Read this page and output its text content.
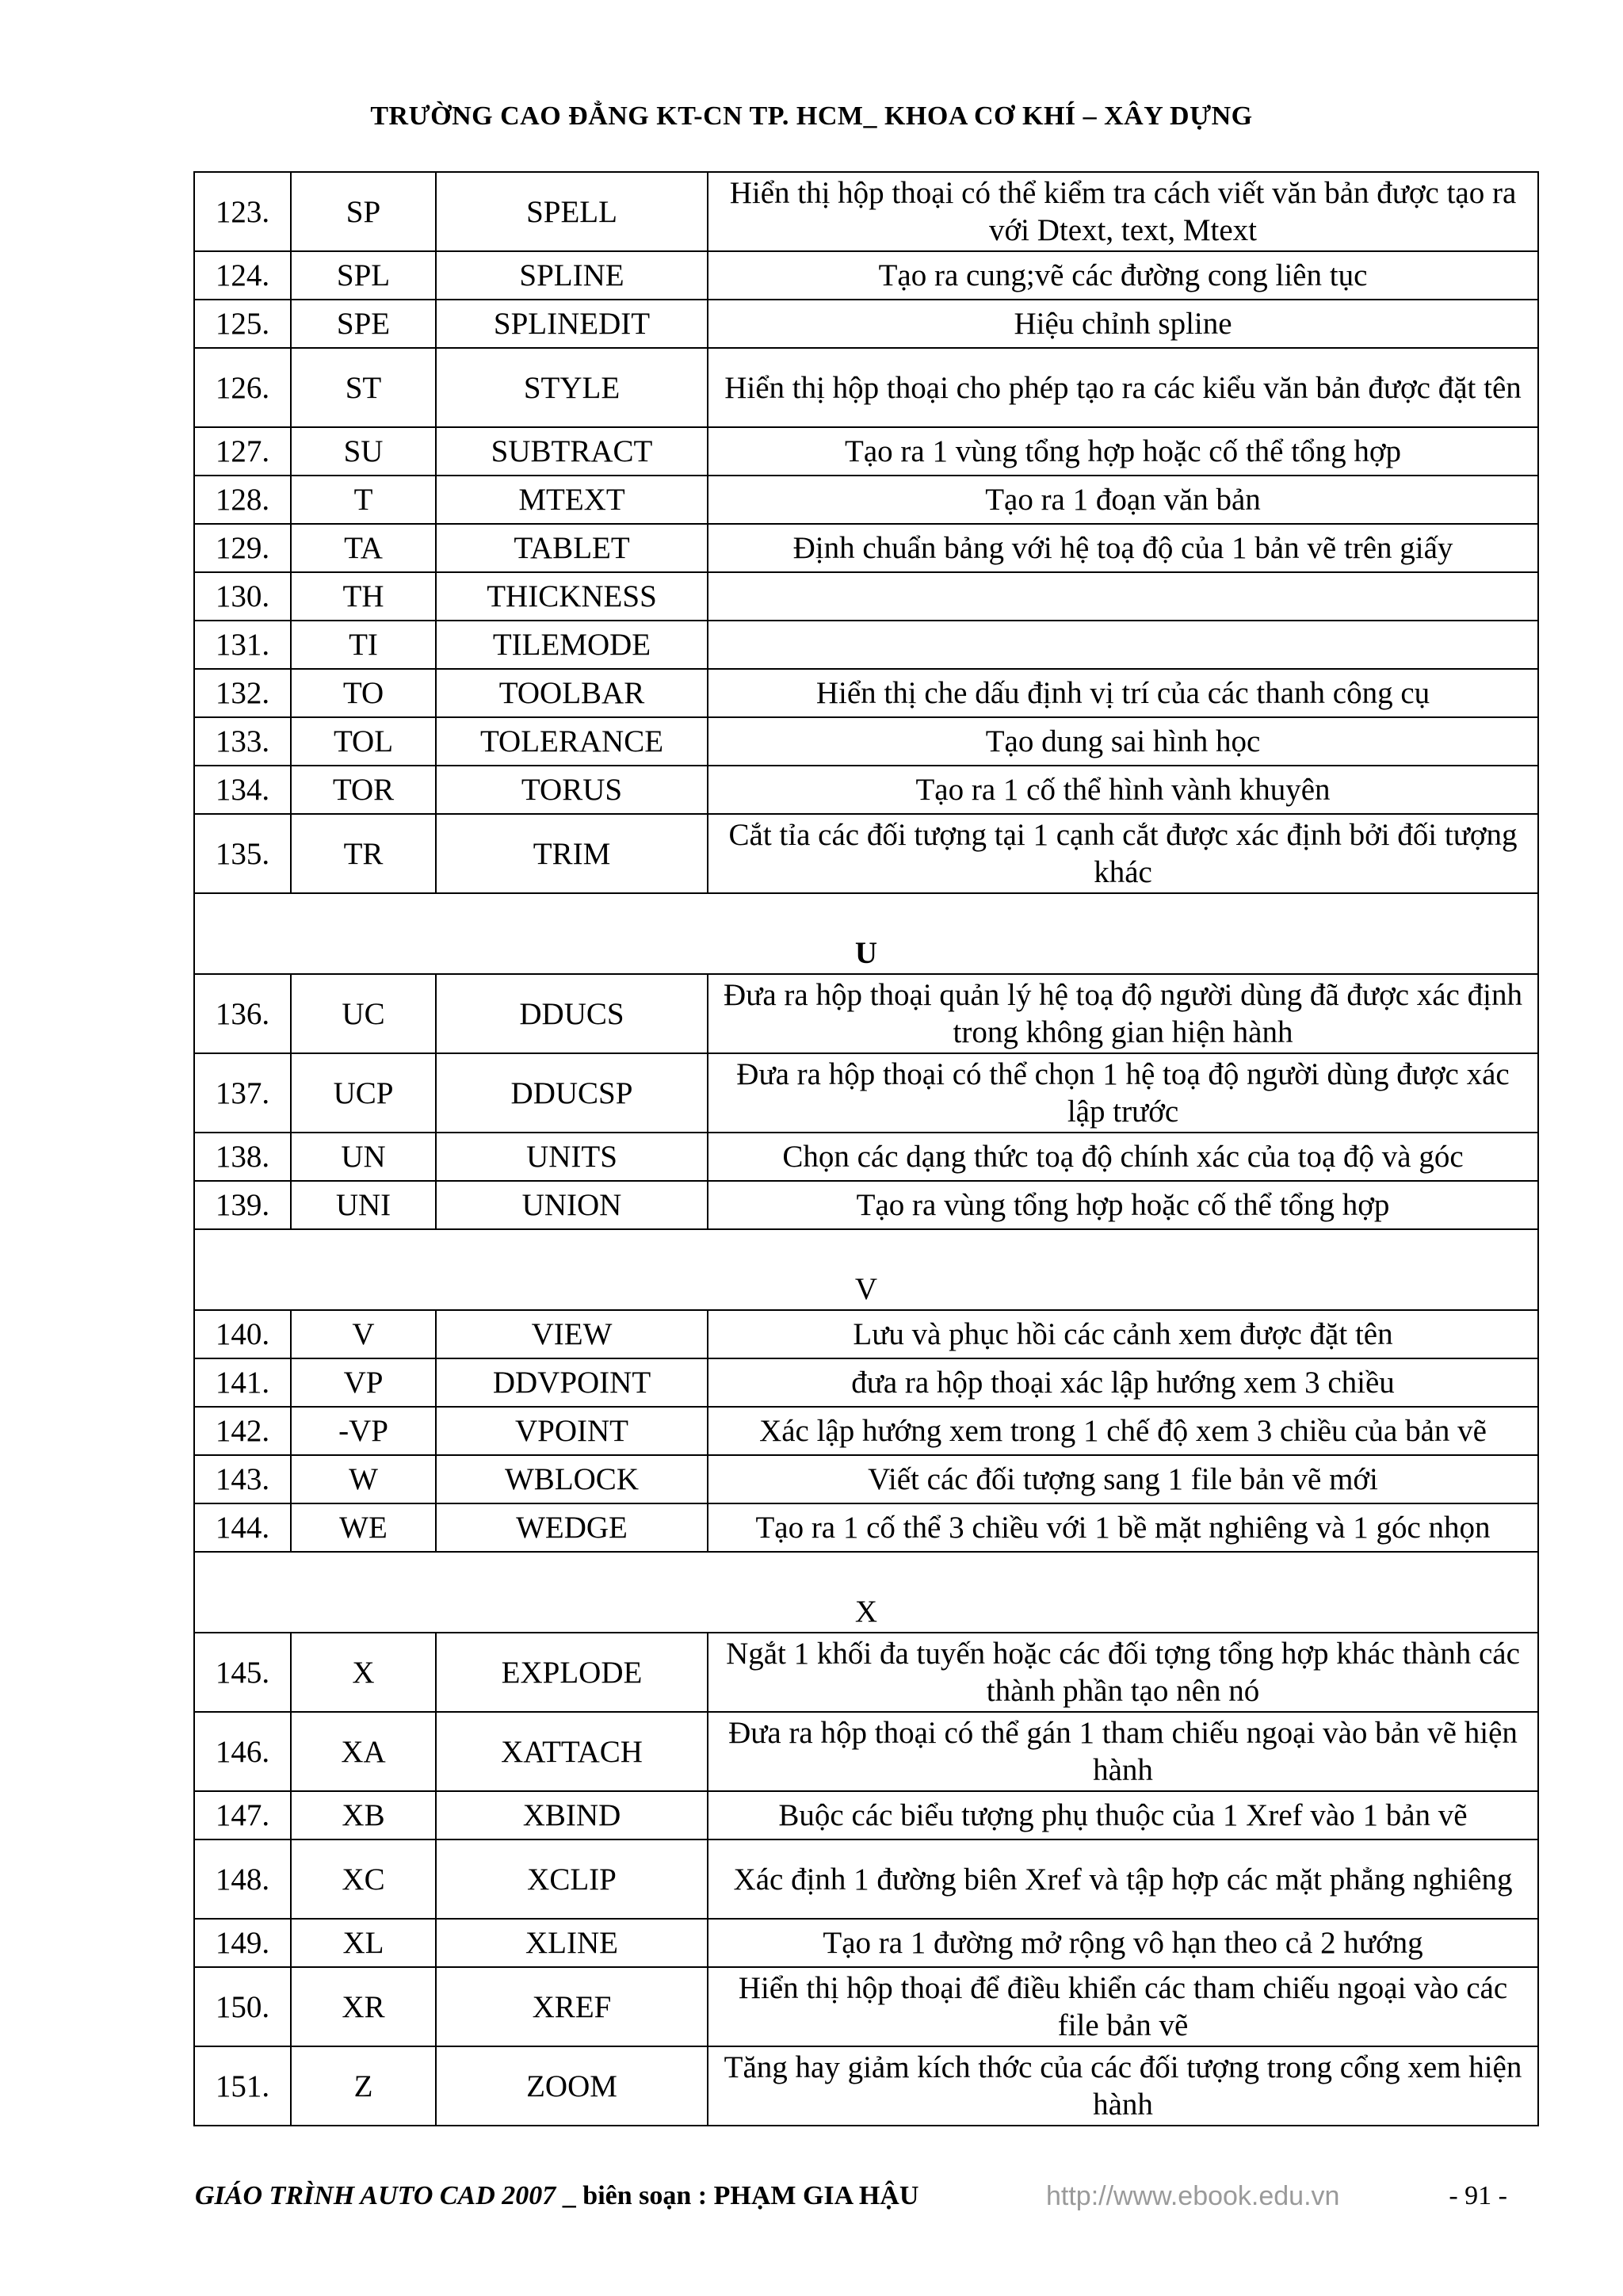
TRƯỜNG CAO ĐẲNG KT-CN TP. HCM_ KHOA CƠ KHÍ – XÂY DỰNG
123.	SP	SPELL	Hiển thị hộp thoại có thể kiểm tra cách viết văn bản được tạo ra với Dtext, text, Mtext
124.	SPL	SPLINE	Tạo ra cung;vẽ các đường cong liên tục
125.	SPE	SPLINEDIT	Hiệu chỉnh spline
126.	ST	STYLE	Hiển thị hộp thoại cho phép tạo ra các kiểu văn bản được đặt tên
127.	SU	SUBTRACT	Tạo ra 1 vùng tổng hợp hoặc cố thể tổng hợp
128.	T	MTEXT	Tạo ra 1 đoạn văn bản
129.	TA	TABLET	Định chuẩn bảng với hệ toạ độ của 1 bản vẽ trên giấy
130.	TH	THICKNESS	
131.	TI	TILEMODE	
132.	TO	TOOLBAR	Hiển thị che dấu định vị trí của các thanh công cụ
133.	TOL	TOLERANCE	Tạo dung sai hình học
134.	TOR	TORUS	Tạo ra 1 cố thể hình vành khuyên
135.	TR	TRIM	Cắt tỉa các đối tượng tại 1 cạnh cắt được xác định bởi đối tượng khác
U			
136.	UC	DDUCS	Đưa ra hộp thoại quản lý hệ toạ độ người dùng đã được xác định trong không gian hiện hành
137.	UCP	DDUCSP	Đưa ra hộp thoại có thể chọn 1 hệ toạ độ người dùng được xác lập trước
138.	UN	UNITS	Chọn các dạng thức toạ độ chính xác của toạ độ và góc
139.	UNI	UNION	Tạo ra vùng tổng hợp hoặc cố thể tổng hợp
V			
140.	V	VIEW	Lưu và phục hồi các cảnh xem được đặt tên
141.	VP	DDVPOINT	đưa ra hộp thoại xác lập hướng xem 3 chiều
142.	-VP	VPOINT	Xác lập hướng xem trong 1 chế độ xem 3 chiều của bản vẽ
143.	W	WBLOCK	Viết các đối tượng sang 1 file bản vẽ mới
144.	WE	WEDGE	Tạo ra 1 cố thể 3 chiều với 1 bề mặt nghiêng và 1 góc nhọn
X			
145.	X	EXPLODE	Ngắt 1 khối đa tuyến hoặc các đối tợng tổng hợp khác thành các thành phần tạo nên nó
146.	XA	XATTACH	Đưa ra hộp thoại có thể gán 1 tham chiếu ngoại vào bản vẽ hiện hành
147.	XB	XBIND	Buộc các biểu tượng phụ thuộc của 1 Xref vào 1 bản vẽ
148.	XC	XCLIP	Xác định 1 đường biên Xref và tập hợp các mặt phẳng nghiêng
149.	XL	XLINE	Tạo ra 1 đường mở rộng vô hạn theo cả 2 hướng
150.	XR	XREF	Hiển thị hộp thoại để điều khiển các tham chiếu ngoại vào các file bản vẽ
151.	Z	ZOOM	Tăng hay giảm kích thớc của các đối tượng trong cổng xem hiện hành
GIÁO TRÌNH AUTO CAD 2007 _ biên soạn : PHẠM GIA HẬU	http://www.ebook.edu.vn	- 91 -
